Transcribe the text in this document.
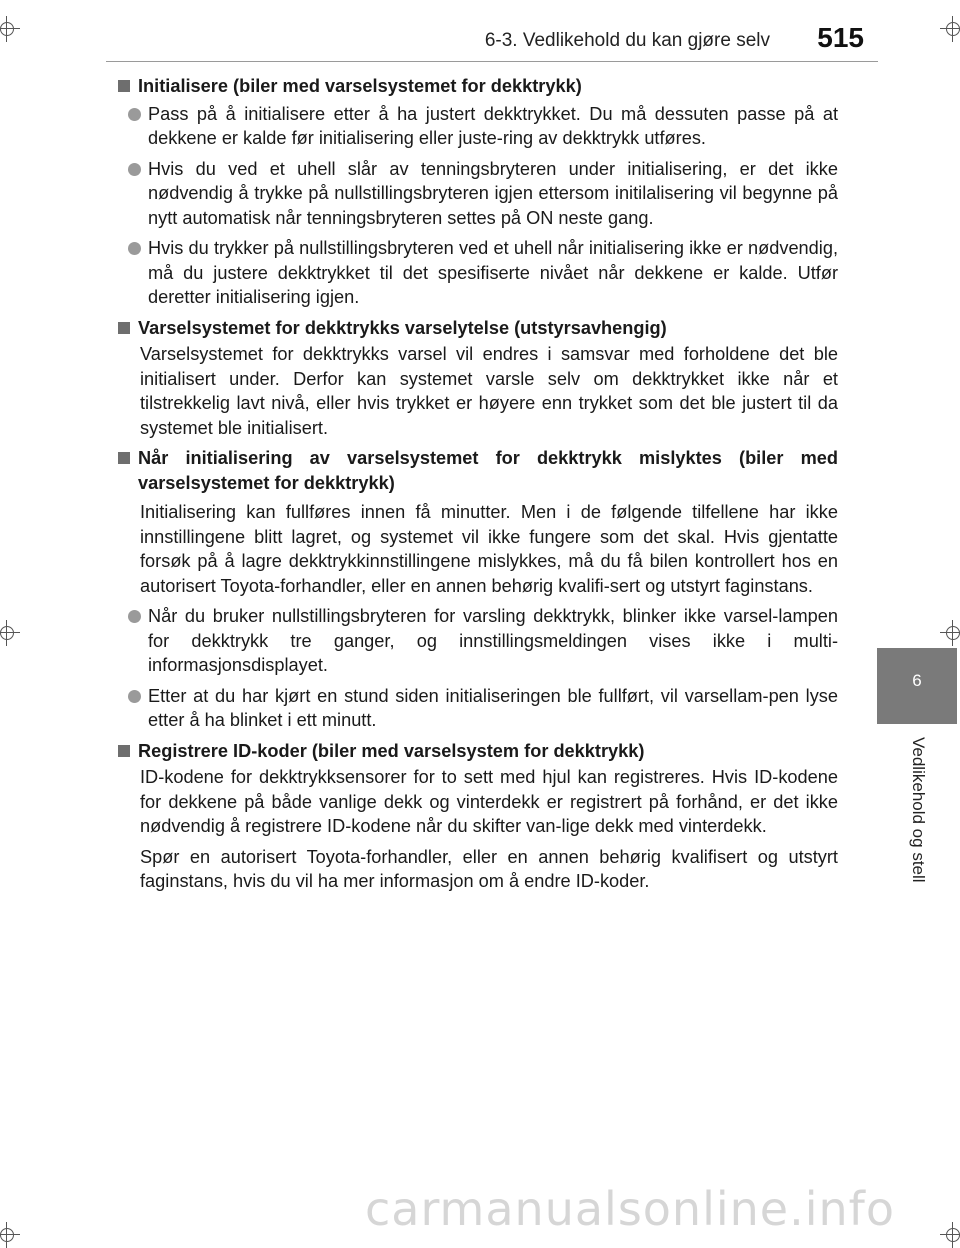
6-3. Vedlikehold du kan gjøre selv 515
6
Vedlikehold og stell
Initialisere (biler med varselsystemet for dekktrykk)
Pass på å initialisere etter å ha justert dekktrykket. Du må dessuten passe på at dekkene er kalde før initialisering eller juste-ring av dekktrykk utføres.
Hvis du ved et uhell slår av tenningsbryteren under initialisering, er det ikke nødvendig å trykke på nullstillingsbryteren igjen ettersom initilalisering vil begynne på nytt automatisk når tenningsbryteren settes på ON neste gang.
Hvis du trykker på nullstillingsbryteren ved et uhell når initialisering ikke er nødvendig, må du justere dekktrykket til det spesifiserte nivået når dekkene er kalde. Utfør deretter initialisering igjen.
Varselsystemet for dekktrykks varselytelse (utstyrsavhengig)
Varselsystemet for dekktrykks varsel vil endres i samsvar med forholdene det ble initialisert under. Derfor kan systemet varsle selv om dekktrykket ikke når et tilstrekkelig lavt nivå, eller hvis trykket er høyere enn trykket som det ble justert til da systemet ble initialisert.
Når initialisering av varselsystemet for dekktrykk mislyktes (biler med varselsystemet for dekktrykk)
Initialisering kan fullføres innen få minutter. Men i de følgende tilfellene har ikke innstillingene blitt lagret, og systemet vil ikke fungere som det skal. Hvis gjentatte forsøk på å lagre dekktrykkinnstillingene mislykkes, må du få bilen kontrollert hos en autorisert Toyota-forhandler, eller en annen behørig kvalifi-sert og utstyrt faginstans.
Når du bruker nullstillingsbryteren for varsling dekktrykk, blinker ikke varsel-lampen for dekktrykk tre ganger, og innstillingsmeldingen vises ikke i multi-informasjonsdisplayet.
Etter at du har kjørt en stund siden initialiseringen ble fullført, vil varsellam-pen lyse etter å ha blinket i ett minutt.
Registrere ID-koder (biler med varselsystem for dekktrykk)
ID-kodene for dekktrykksensorer for to sett med hjul kan registreres. Hvis ID-kodene for dekkene på både vanlige dekk og vinterdekk er registrert på forhånd, er det ikke nødvendig å registrere ID-kodene når du skifter van-lige dekk med vinterdekk.
Spør en autorisert Toyota-forhandler, eller en annen behørig kvalifisert og utstyrt faginstans, hvis du vil ha mer informasjon om å endre ID-koder.
carmanualsonline.info
